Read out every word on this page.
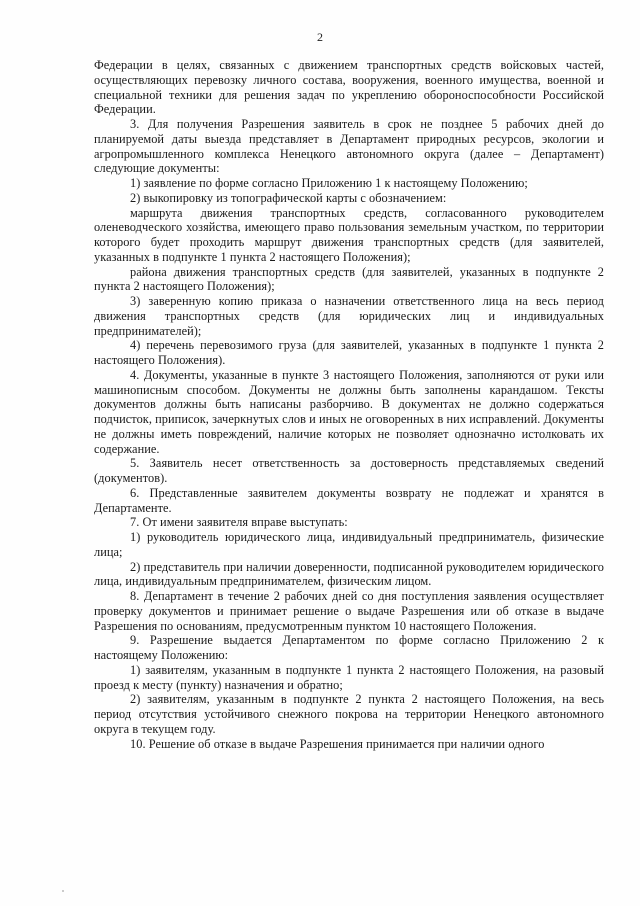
2

Федерации в целях, связанных с движением транспортных средств войсковых частей, осуществляющих перевозку личного состава, вооружения, военного имущества, военной и специальной техники для решения задач по укреплению обороноспособности Российской Федерации.

3. Для получения Разрешения заявитель в срок не позднее 5 рабочих дней до планируемой даты выезда представляет в Департамент природных ресурсов, экологии и агропромышленного комплекса Ненецкого автономного округа (далее – Департамент) следующие документы:

1) заявление по форме согласно Приложению 1 к настоящему Положению;

2) выкопировку из топографической карты с обозначением:

маршрута движения транспортных средств, согласованного руководителем оленеводческого хозяйства, имеющего право пользования земельным участком, по территории которого будет проходить маршрут движения транспортных средств (для заявителей, указанных в подпункте 1 пункта 2 настоящего Положения);

района движения транспортных средств (для заявителей, указанных в подпункте 2 пункта 2 настоящего Положения);

3) заверенную копию приказа о назначении ответственного лица на весь период движения транспортных средств (для юридических лиц и индивидуальных предпринимателей);

4) перечень перевозимого груза (для заявителей, указанных в подпункте 1 пункта 2 настоящего Положения).

4. Документы, указанные в пункте 3 настоящего Положения, заполняются от руки или машинописным способом. Документы не должны быть заполнены карандашом. Тексты документов должны быть написаны разборчиво. В документах не должно содержаться подчисток, приписок, зачеркнутых слов и иных не оговоренных в них исправлений. Документы не должны иметь повреждений, наличие которых не позволяет однозначно истолковать их содержание.

5. Заявитель несет ответственность за достоверность представляемых сведений (документов).

6. Представленные заявителем документы возврату не подлежат и хранятся в Департаменте.

7. От имени заявителя вправе выступать:

1) руководитель юридического лица, индивидуальный предприниматель, физические лица;

2) представитель при наличии доверенности, подписанной руководителем юридического лица, индивидуальным предпринимателем, физическим лицом.

8. Департамент в течение 2 рабочих дней со дня поступления заявления осуществляет проверку документов и принимает решение о выдаче Разрешения или об отказе в выдаче Разрешения по основаниям, предусмотренным пунктом 10 настоящего Положения.

9. Разрешение выдается Департаментом по форме согласно Приложению 2 к настоящему Положению:

1) заявителям, указанным в подпункте 1 пункта 2 настоящего Положения, на разовый проезд к месту (пункту) назначения и обратно;

2) заявителям, указанным в подпункте 2 пункта 2 настоящего Положения, на весь период отсутствия устойчивого снежного покрова на территории Ненецкого автономного округа в текущем году.

10. Решение об отказе в выдаче Разрешения принимается при наличии одного
